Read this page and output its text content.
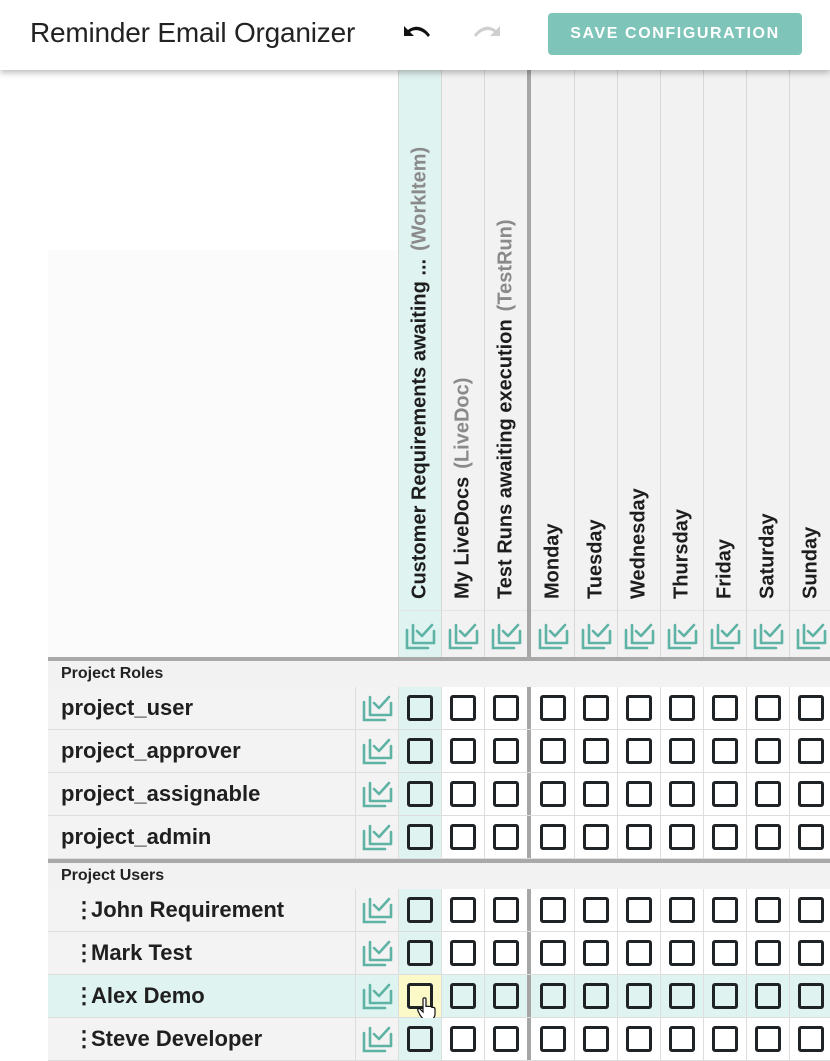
Reminder Email Organizer	SAVE CONFIGURATION
Customer Requirements awaiting ...(WorkItem)
My LiveDocs(LiveDoc) Test Runs awaiting execution(TestRun)
Monday Tuesday Wednesday Thursday Friday Saturday Sunday
Project Roles
project_user
project_approver
project_assignable
project_admin
Project Users
⋮John Requirement
⋮Mark Test
⋮Alex Demo
⋮Steve Developer
